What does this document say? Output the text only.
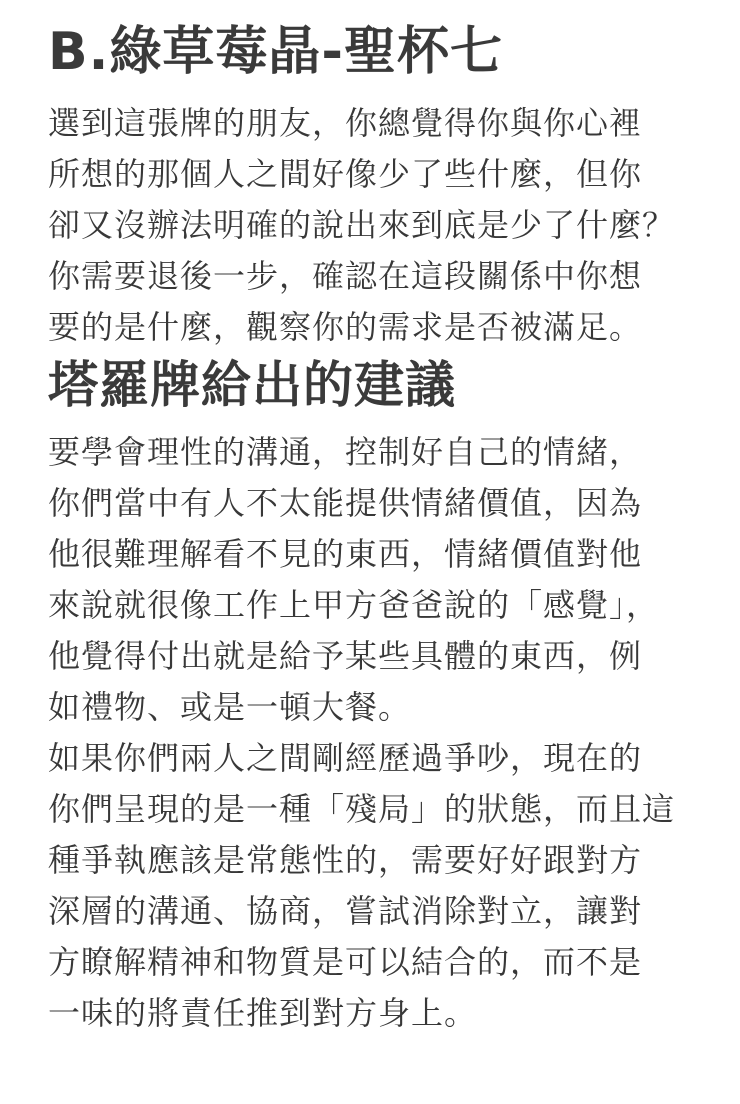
B.綠草莓晶-聖杯七

選到這張牌的朋友，你總覺得你與你心裡
所想的那個人之間好像少了些什麼，但你
卻又沒辦法明確的說出來到底是少了什麼？
你需要退後一步，確認在這段關係中你想
要的是什麼，觀察你的需求是否被滿足。

塔羅牌給出的建議

要學會理性的溝通，控制好自己的情緒，
你們當中有人不太能提供情緒價值，因為
他很難理解看不見的東西，情緒價值對他
來說就很像工作上甲方爸爸說的「感覺」，
他覺得付出就是給予某些具體的東西，例
如禮物、或是一頓大餐。

如果你們兩人之間剛經歷過爭吵，現在的
你們呈現的是一種「殘局」的狀態，而且這
種爭執應該是常態性的，需要好好跟對方
深層的溝通、協商，嘗試消除對立，讓對
方瞭解精神和物質是可以結合的，而不是
一味的將責任推到對方身上。
